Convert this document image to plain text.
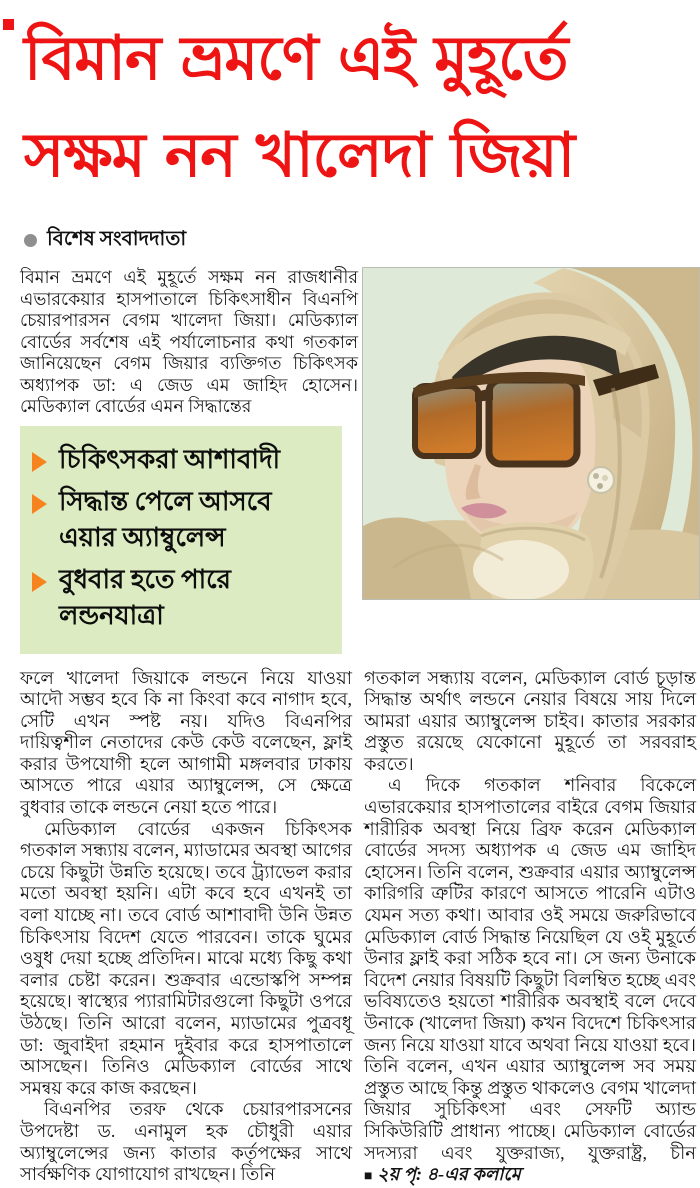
বিমান ভ্রমণে এই মুহূর্তে সক্ষম নন খালেদা জিয়া
বিশেষ সংবাদদাতা

বিমান ভ্রমণে এই মুহূর্তে সক্ষম নন রাজধানীর এভারকেয়ার হাসপাতালে চিকিৎসাধীন বিএনপি চেয়ারপারসন বেগম খালেদা জিয়া। মেডিক্যাল বোর্ডের সর্বশেষ এই পর্যালোচনার কথা গতকাল জানিয়েছেন বেগম জিয়ার ব্যক্তিগত চিকিৎসক অধ্যাপক ডা: এ জেড এম জাহিদ হোসেন। মেডিক্যাল বোর্ডের এমন সিদ্ধান্তের

চিকিৎসকরা আশাবাদী
সিদ্ধান্ত পেলে আসবে এয়ার অ্যাম্বুলেন্স
বুধবার হতে পারে লন্ডনযাত্রা

ফলে খালেদা জিয়াকে লন্ডনে নিয়ে যাওয়া আদৌ সম্ভব হবে কি না কিংবা কবে নাগাদ হবে, সেটি এখন স্পষ্ট নয়। যদিও বিএনপির দায়িত্বশীল নেতাদের কেউ কেউ বলেছেন, ফ্লাই করার উপযোগী হলে আগামী মঙ্গলবার ঢাকায় আসতে পারে এয়ার অ্যাম্বুলেন্স, সে ক্ষেত্রে বুধবার তাকে লন্ডনে নেয়া হতে পারে।

মেডিক্যাল বোর্ডের একজন চিকিৎসক গতকাল সন্ধ্যায় বলেন, ম্যাডামের অবস্থা আগের চেয়ে কিছুটা উন্নতি হয়েছে। তবে ট্র্যাভেল করার মতো অবস্থা হয়নি। এটা কবে হবে এখনই তা বলা যাচ্ছে না। তবে বোর্ড আশাবাদী উনি উন্নত চিকিৎসায় বিদেশ যেতে পারবেন। তাকে ঘুমের ওষুধ দেয়া হচ্ছে প্রতিদিন। মাঝে মধ্যে কিছু কথা বলার চেষ্টা করেন। শুক্রবার এন্ডোস্কপি সম্পন্ন হয়েছে। স্বাস্থ্যের প্যারামিটারগুলো কিছুটা ওপরে উঠছে। তিনি আরো বলেন, ম্যাডামের পুত্রবধূ ডা: জুবাইদা রহমান দুইবার করে হাসপাতালে আসছেন। তিনিও মেডিক্যাল বোর্ডের সাথে সমন্বয় করে কাজ করছেন।

বিএনপির তরফ থেকে চেয়ারপারসনের উপদেষ্টা ড. এনামুল হক চৌধুরী এয়ার অ্যাম্বুলেন্সের জন্য কাতার কর্তৃপক্ষের সাথে সার্বক্ষণিক যোগাযোগ রাখছেন। তিনি

গতকাল সন্ধ্যায় বলেন, মেডিক্যাল বোর্ড চূড়ান্ত সিদ্ধান্ত অর্থাৎ লন্ডনে নেয়ার বিষয়ে সায় দিলে আমরা এয়ার অ্যাম্বুলেন্স চাইব। কাতার সরকার প্রস্তুত রয়েছে যেকোনো মুহূর্তে তা সরবরাহ করতে।

এ দিকে গতকাল শনিবার বিকেলে এভারকেয়ার হাসপাতালের বাইরে বেগম জিয়ার শারীরিক অবস্থা নিয়ে ব্রিফ করেন মেডিক্যাল বোর্ডের সদস্য অধ্যাপক এ জেড এম জাহিদ হোসেন। তিনি বলেন, শুক্রবার এয়ার অ্যাম্বুলেন্স কারিগরি ত্রুটির কারণে আসতে পারেনি এটাও যেমন সত্য কথা। আবার ওই সময়ে জরুরিভাবে মেডিক্যাল বোর্ড সিদ্ধান্ত নিয়েছিল যে ওই মুহূর্তে উনার ফ্লাই করা সঠিক হবে না। সে জন্য উনাকে বিদেশ নেয়ার বিষয়টি কিছুটা বিলম্বিত হচ্ছে এবং ভবিষ্যতেও হয়তো শারীরিক অবস্থাই বলে দেবে উনাকে (খালেদা জিয়া) কখন বিদেশে চিকিৎসার জন্য নিয়ে যাওয়া যাবে অথবা নিয়ে যাওয়া হবে। তিনি বলেন, এখন এয়ার অ্যাম্বুলেন্স সব সময় প্রস্তুত আছে কিন্তু প্রস্তুত থাকলেও বেগম খালেদা জিয়ার সুচিকিৎসা এবং সেফটি অ্যান্ড সিকিউরিটি প্রাধান্য পাচ্ছে। মেডিক্যাল বোর্ডের সদস্যরা এবং যুক্তরাজ্য, যুক্তরাষ্ট্র, চীন ■ ২য় পৃ: ৪-এর কলামে
